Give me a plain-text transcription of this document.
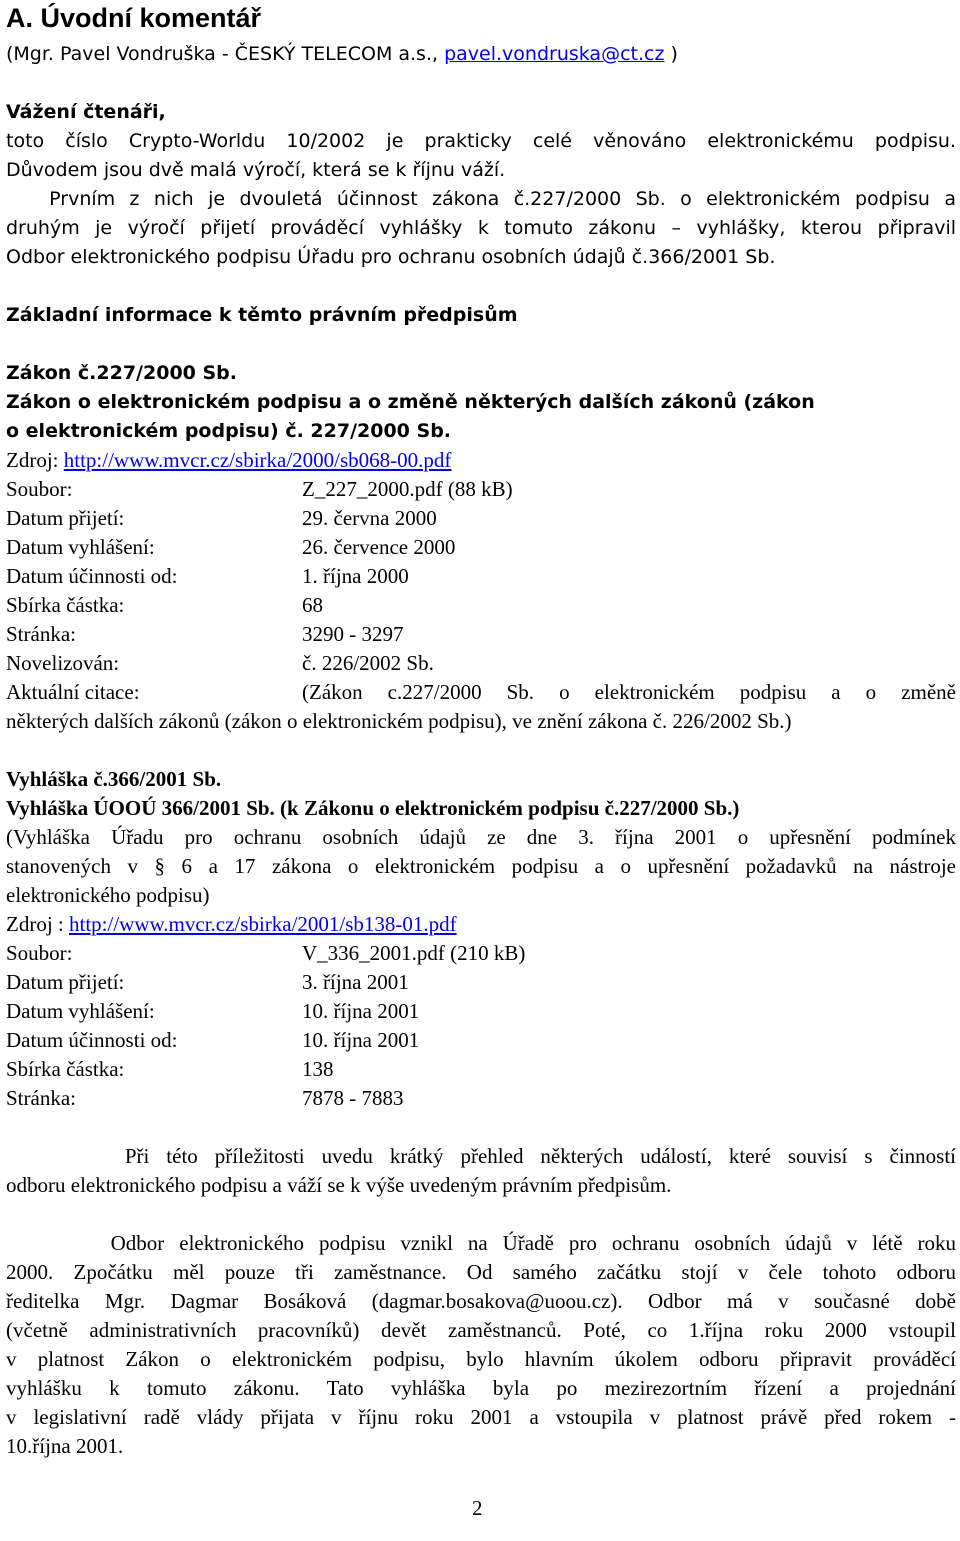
A. Úvodní komentář
(Mgr. Pavel Vondruška - ČESKÝ TELECOM a.s., pavel.vondruska@ct.cz )
Vážení čtenáři,
toto číslo Crypto-Worldu 10/2002 je prakticky celé věnováno elektronickému podpisu.
Důvodem jsou dvě malá výročí, která se k říjnu váží.
Prvním z nich je dvouletá účinnost zákona č.227/2000 Sb. o elektronickém podpisu a
druhým je výročí přijetí prováděcí vyhlášky k tomuto zákonu – vyhlášky, kterou připravil
Odbor elektronického podpisu Úřadu pro ochranu osobních údajů č.366/2001 Sb.
Základní informace k těmto právním předpisům
Zákon č.227/2000 Sb.
Zákon o elektronickém podpisu a o změně některých dalších zákonů (zákon
o elektronickém podpisu) č. 227/2000 Sb.
Zdroj: http://www.mvcr.cz/sbirka/2000/sb068-00.pdf
Soubor:	Z_227_2000.pdf (88 kB)
Datum přijetí:	29. června 2000
Datum vyhlášení:	26. července 2000
Datum účinnosti od:	1. října 2000
Sbírka částka:	68
Stránka:	3290 - 3297
Novelizován:	č. 226/2002 Sb.
Aktuální citace:	(Zákon c.227/2000 Sb. o elektronickém podpisu a o změně
některých dalších zákonů (zákon o elektronickém podpisu), ve znění zákona č. 226/2002 Sb.)
Vyhláška č.366/2001 Sb.
Vyhláška ÚOOÚ 366/2001 Sb. (k Zákonu o elektronickém podpisu č.227/2000 Sb.)
(Vyhláška Úřadu pro ochranu osobních údajů ze dne 3. října 2001 o upřesnění podmínek
stanovených v § 6 a 17 zákona o elektronickém podpisu a o upřesnění požadavků na nástroje
elektronického podpisu)
Zdroj : http://www.mvcr.cz/sbirka/2001/sb138-01.pdf
Soubor:	V_336_2001.pdf (210 kB)
Datum přijetí:	3. října 2001
Datum vyhlášení:	10. října 2001
Datum účinnosti od:	10. října 2001
Sbírka částka:	138
Stránka:	7878 - 7883
Při této příležitosti uvedu krátký přehled některých událostí, které souvisí s činností
odboru elektronického podpisu a váží se k výše uvedeným právním předpisům.
Odbor elektronického podpisu vznikl na Úřadě pro ochranu osobních údajů v létě roku
2000. Zpočátku měl pouze tři zaměstnance. Od samého začátku stojí v čele tohoto odboru
ředitelka Mgr. Dagmar Bosáková (dagmar.bosakova@uoou.cz). Odbor má v současné době
(včetně administrativních pracovníků) devět zaměstnanců. Poté, co 1.října roku 2000 vstoupil
v platnost Zákon o elektronickém podpisu, bylo hlavním úkolem odboru připravit prováděcí
vyhlášku k tomuto zákonu. Tato vyhláška byla po mezirezortním řízení a projednání
v legislativní radě vlády přijata v říjnu roku 2001 a vstoupila v platnost právě před rokem -
10.října 2001.
2
